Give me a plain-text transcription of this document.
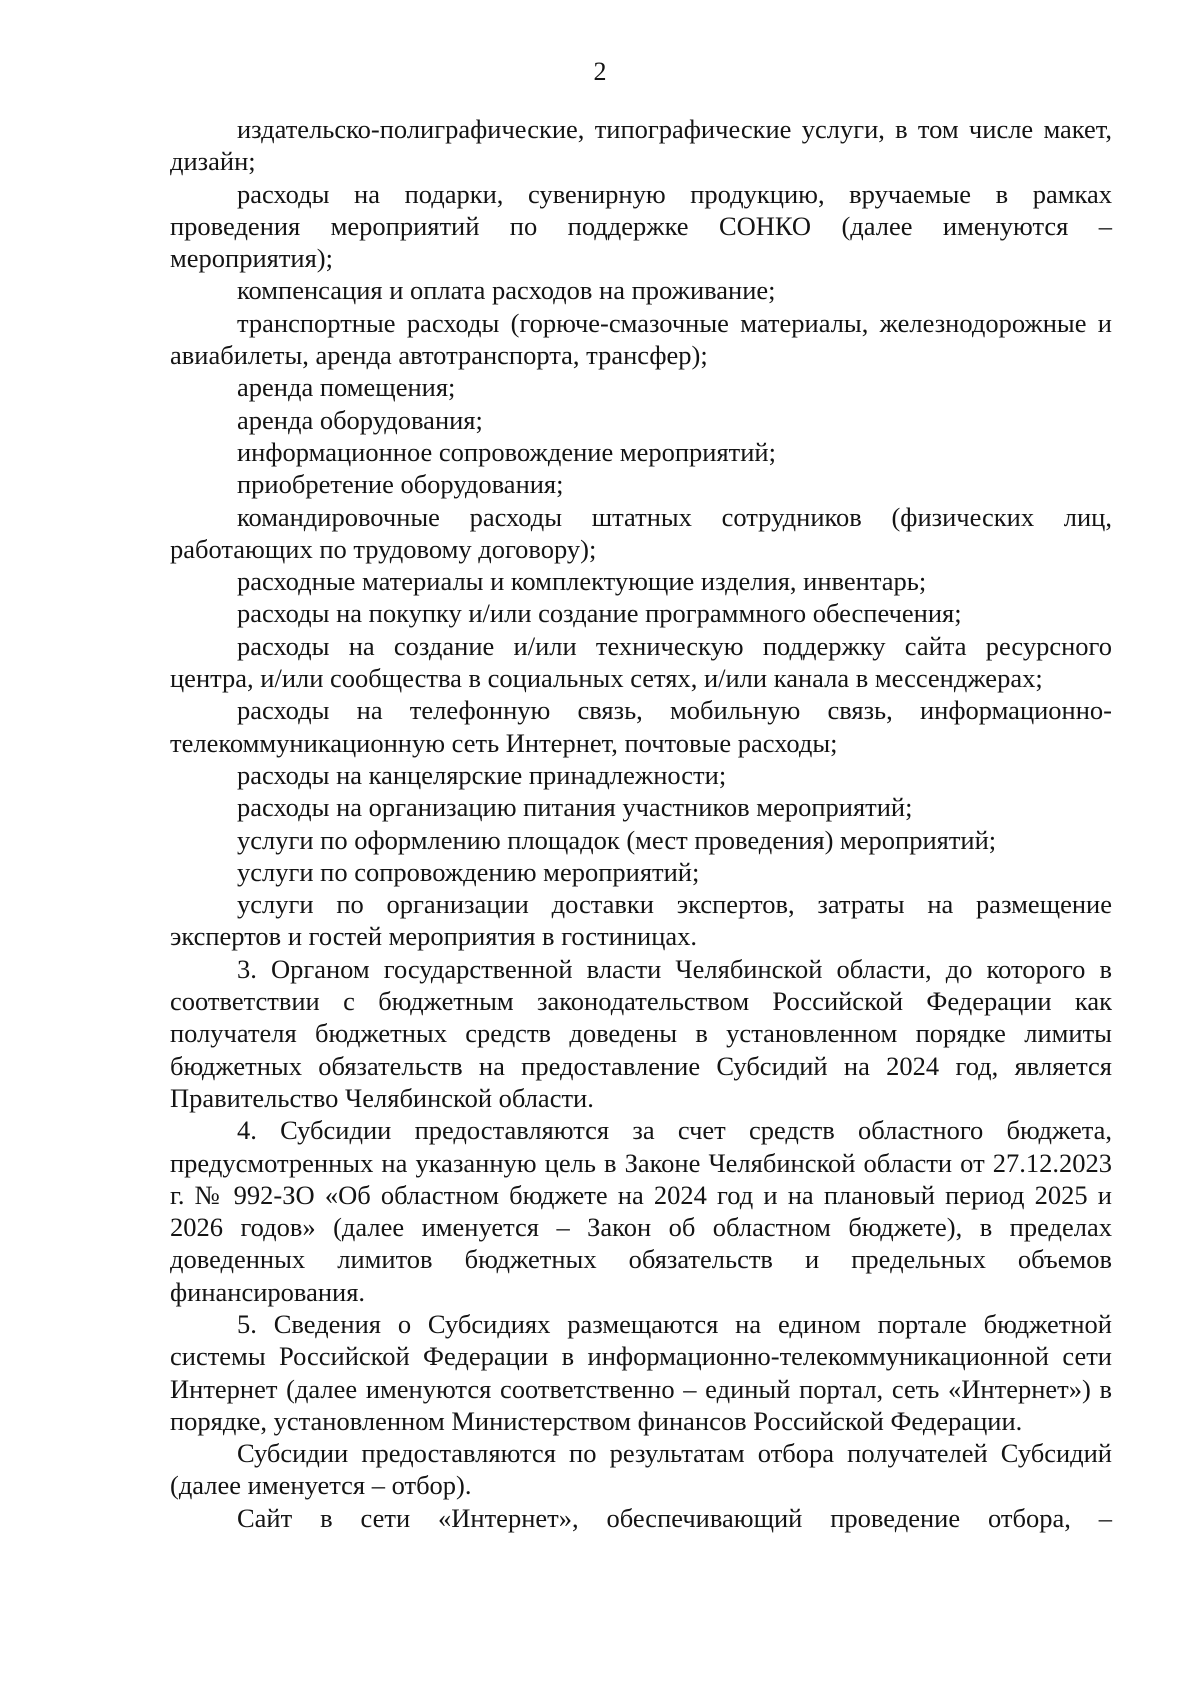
2

издательско-полиграфические, типографические услуги, в том числе макет, дизайн;

расходы на подарки, сувенирную продукцию, вручаемые в рамках проведения мероприятий по поддержке СОНКО (далее именуются – мероприятия);

компенсация и оплата расходов на проживание;

транспортные расходы (горюче-смазочные материалы, железнодорожные и авиабилеты, аренда автотранспорта, трансфер);

аренда помещения;

аренда оборудования;

информационное сопровождение мероприятий;

приобретение оборудования;

командировочные расходы штатных сотрудников (физических лиц, работающих по трудовому договору);

расходные материалы и комплектующие изделия, инвентарь;

расходы на покупку и/или создание программного обеспечения;

расходы на создание и/или техническую поддержку сайта ресурсного центра, и/или сообщества в социальных сетях, и/или канала в мессенджерах;

расходы на телефонную связь, мобильную связь, информационно-телекоммуникационную сеть Интернет, почтовые расходы;

расходы на канцелярские принадлежности;

расходы на организацию питания участников мероприятий;

услуги по оформлению площадок (мест проведения) мероприятий;

услуги по сопровождению мероприятий;

услуги по организации доставки экспертов, затраты на размещение экспертов и гостей мероприятия в гостиницах.

3. Органом государственной власти Челябинской области, до которого в соответствии с бюджетным законодательством Российской Федерации как получателя бюджетных средств доведены в установленном порядке лимиты бюджетных обязательств на предоставление Субсидий на 2024 год, является Правительство Челябинской области.

4. Субсидии предоставляются за счет средств областного бюджета, предусмотренных на указанную цель в Законе Челябинской области от 27.12.2023 г. № 992-ЗО «Об областном бюджете на 2024 год и на плановый период 2025 и 2026 годов» (далее именуется – Закон об областном бюджете), в пределах доведенных лимитов бюджетных обязательств и предельных объемов финансирования.

5. Сведения о Субсидиях размещаются на едином портале бюджетной системы Российской Федерации в информационно-телекоммуникационной сети Интернет (далее именуются соответственно – единый портал, сеть «Интернет») в порядке, установленном Министерством финансов Российской Федерации.

Субсидии предоставляются по результатам отбора получателей Субсидий (далее именуется – отбор).

Сайт в сети «Интернет», обеспечивающий проведение отбора, –
